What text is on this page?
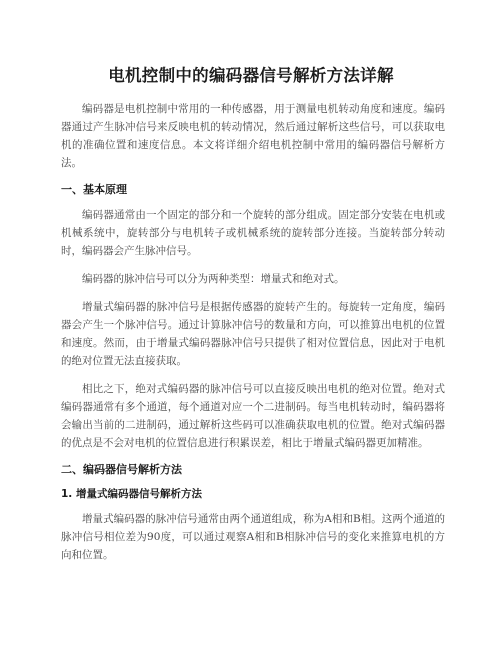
电机控制中的编码器信号解析方法详解

编码器是电机控制中常用的一种传感器，用于测量电机转动角度和速度。编码器通过产生脉冲信号来反映电机的转动情况，然后通过解析这些信号，可以获取电机的准确位置和速度信息。本文将详细介绍电机控制中常用的编码器信号解析方法。

一、基本原理

编码器通常由一个固定的部分和一个旋转的部分组成。固定部分安装在电机或机械系统中，旋转部分与电机转子或机械系统的旋转部分连接。当旋转部分转动时，编码器会产生脉冲信号。

编码器的脉冲信号可以分为两种类型：增量式和绝对式。

增量式编码器的脉冲信号是根据传感器的旋转产生的。每旋转一定角度，编码器会产生一个脉冲信号。通过计算脉冲信号的数量和方向，可以推算出电机的位置和速度。然而，由于增量式编码器脉冲信号只提供了相对位置信息，因此对于电机的绝对位置无法直接获取。

相比之下，绝对式编码器的脉冲信号可以直接反映出电机的绝对位置。绝对式编码器通常有多个通道，每个通道对应一个二进制码。每当电机转动时，编码器将会输出当前的二进制码，通过解析这些码可以准确获取电机的位置。绝对式编码器的优点是不会对电机的位置信息进行积累误差，相比于增量式编码器更加精准。

二、编码器信号解析方法
1. 增量式编码器信号解析方法

增量式编码器的脉冲信号通常由两个通道组成，称为A相和B相。这两个通道的脉冲信号相位差为90度，可以通过观察A相和B相脉冲信号的变化来推算电机的方向和位置。
